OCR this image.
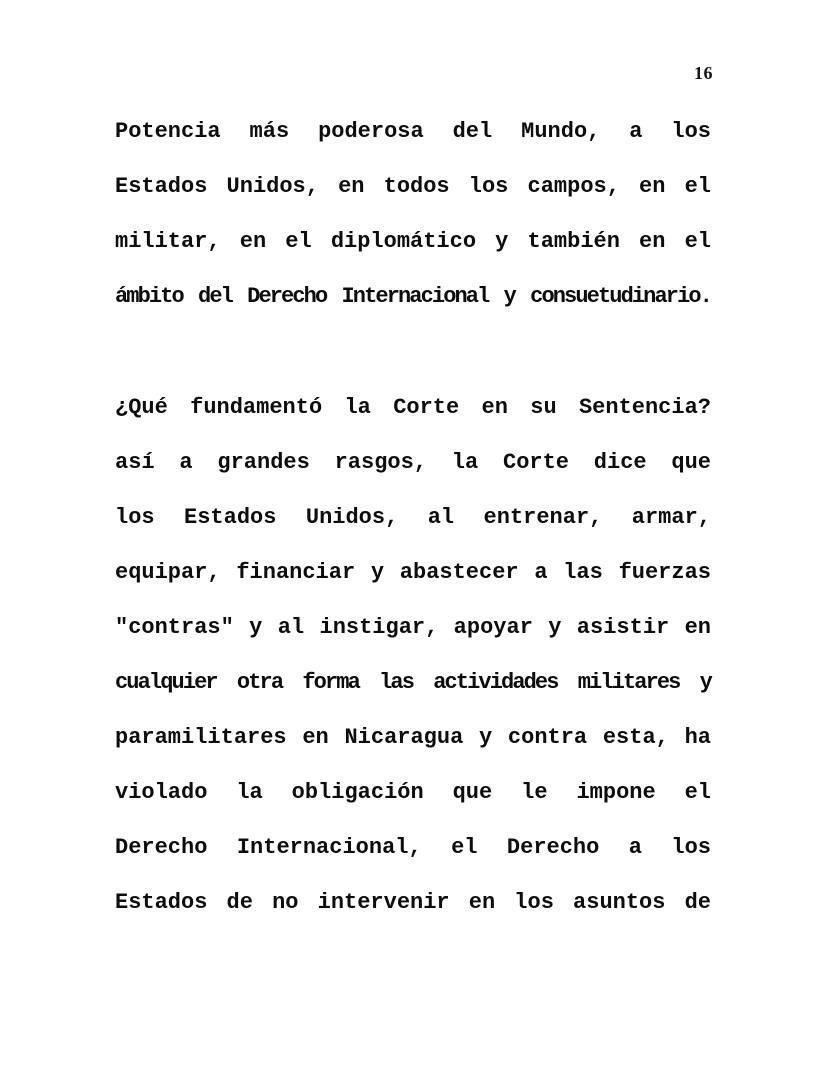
16
Potencia más poderosa del Mundo, a los
Estados Unidos, en todos los campos, en el
militar, en el diplomático y también en el
ámbito del Derecho Internacional y consuetudinario.
¿Qué fundamentó la Corte en su Sentencia?
así a grandes rasgos, la Corte dice que
los Estados Unidos, al entrenar, armar,
equipar, financiar y abastecer a las fuerzas
"contras" y al instigar, apoyar y asistir en
cualquier otra forma las actividades militares y
paramilitares en Nicaragua y contra esta, ha
violado la obligación que le impone el
Derecho Internacional, el Derecho a los
Estados de no intervenir en los asuntos de
